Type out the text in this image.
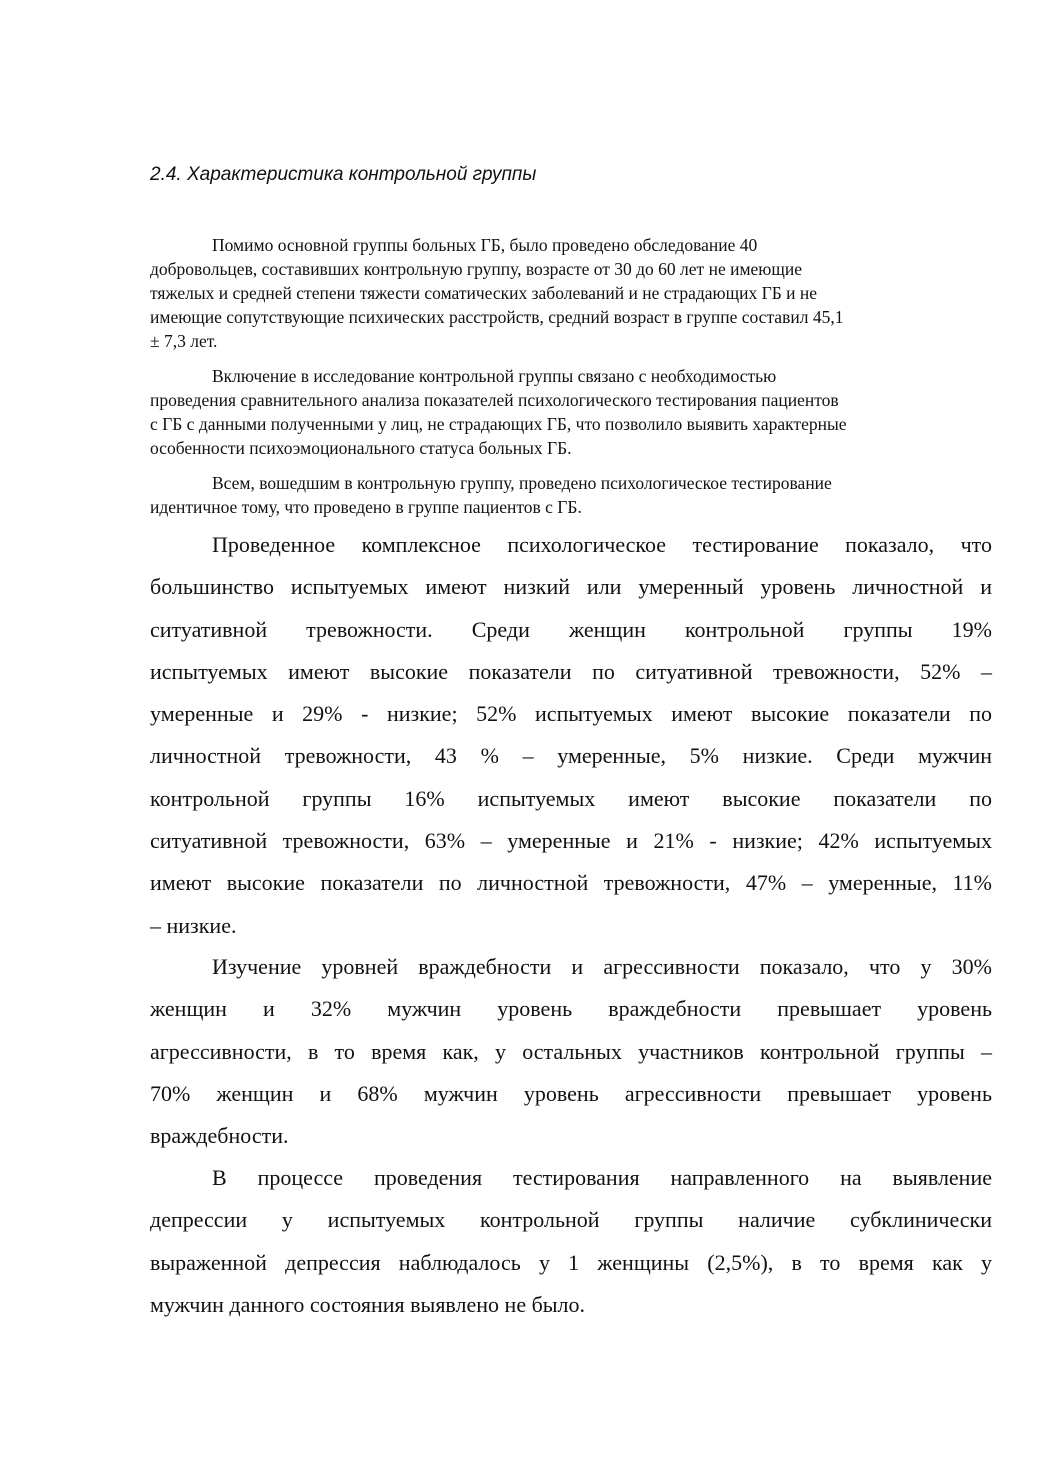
2.4. Характеристика контрольной группы

Помимо основной группы больных ГБ, было проведено обследование 40
добровольцев, составивших контрольную группу, возрасте от 30 до 60 лет не имеющие
тяжелых и средней степени тяжести соматических заболеваний и не страдающих ГБ и не
имеющие сопутствующие психических расстройств, средний возраст в группе составил 45,1
± 7,3 лет.

Включение в исследование контрольной группы связано с необходимостью
проведения сравнительного анализа показателей психологического тестирования пациентов
с ГБ с данными полученными у лиц, не страдающих ГБ, что позволило выявить характерные
особенности психоэмоционального статуса больных ГБ.

Всем, вошедшим в контрольную группу, проведено психологическое тестирование
идентичное тому, что проведено в группе пациентов с ГБ.

Проведенное комплексное психологическое тестирование показало, что
большинство испытуемых имеют низкий или умеренный уровень личностной и
ситуативной тревожности. Среди женщин контрольной группы 19%
испытуемых имеют высокие показатели по ситуативной тревожности, 52% –
умеренные и 29% - низкие; 52% испытуемых имеют высокие показатели по
личностной тревожности, 43 % – умеренные, 5% низкие. Среди мужчин
контрольной группы 16% испытуемых имеют высокие показатели по
ситуативной тревожности, 63% – умеренные и 21% - низкие; 42% испытуемых
имеют высокие показатели по личностной тревожности, 47% – умеренные, 11%
– низкие.

Изучение уровней враждебности и агрессивности показало, что у 30%
женщин и 32% мужчин уровень враждебности превышает уровень
агрессивности, в то время как, у остальных участников контрольной группы –
70% женщин и 68% мужчин уровень агрессивности превышает уровень
враждебности.

В процессе проведения тестирования направленного на выявление
депрессии у испытуемых контрольной группы наличие субклинически
выраженной депрессия наблюдалось у 1 женщины (2,5%), в то время как у
мужчин данного состояния выявлено не было.
